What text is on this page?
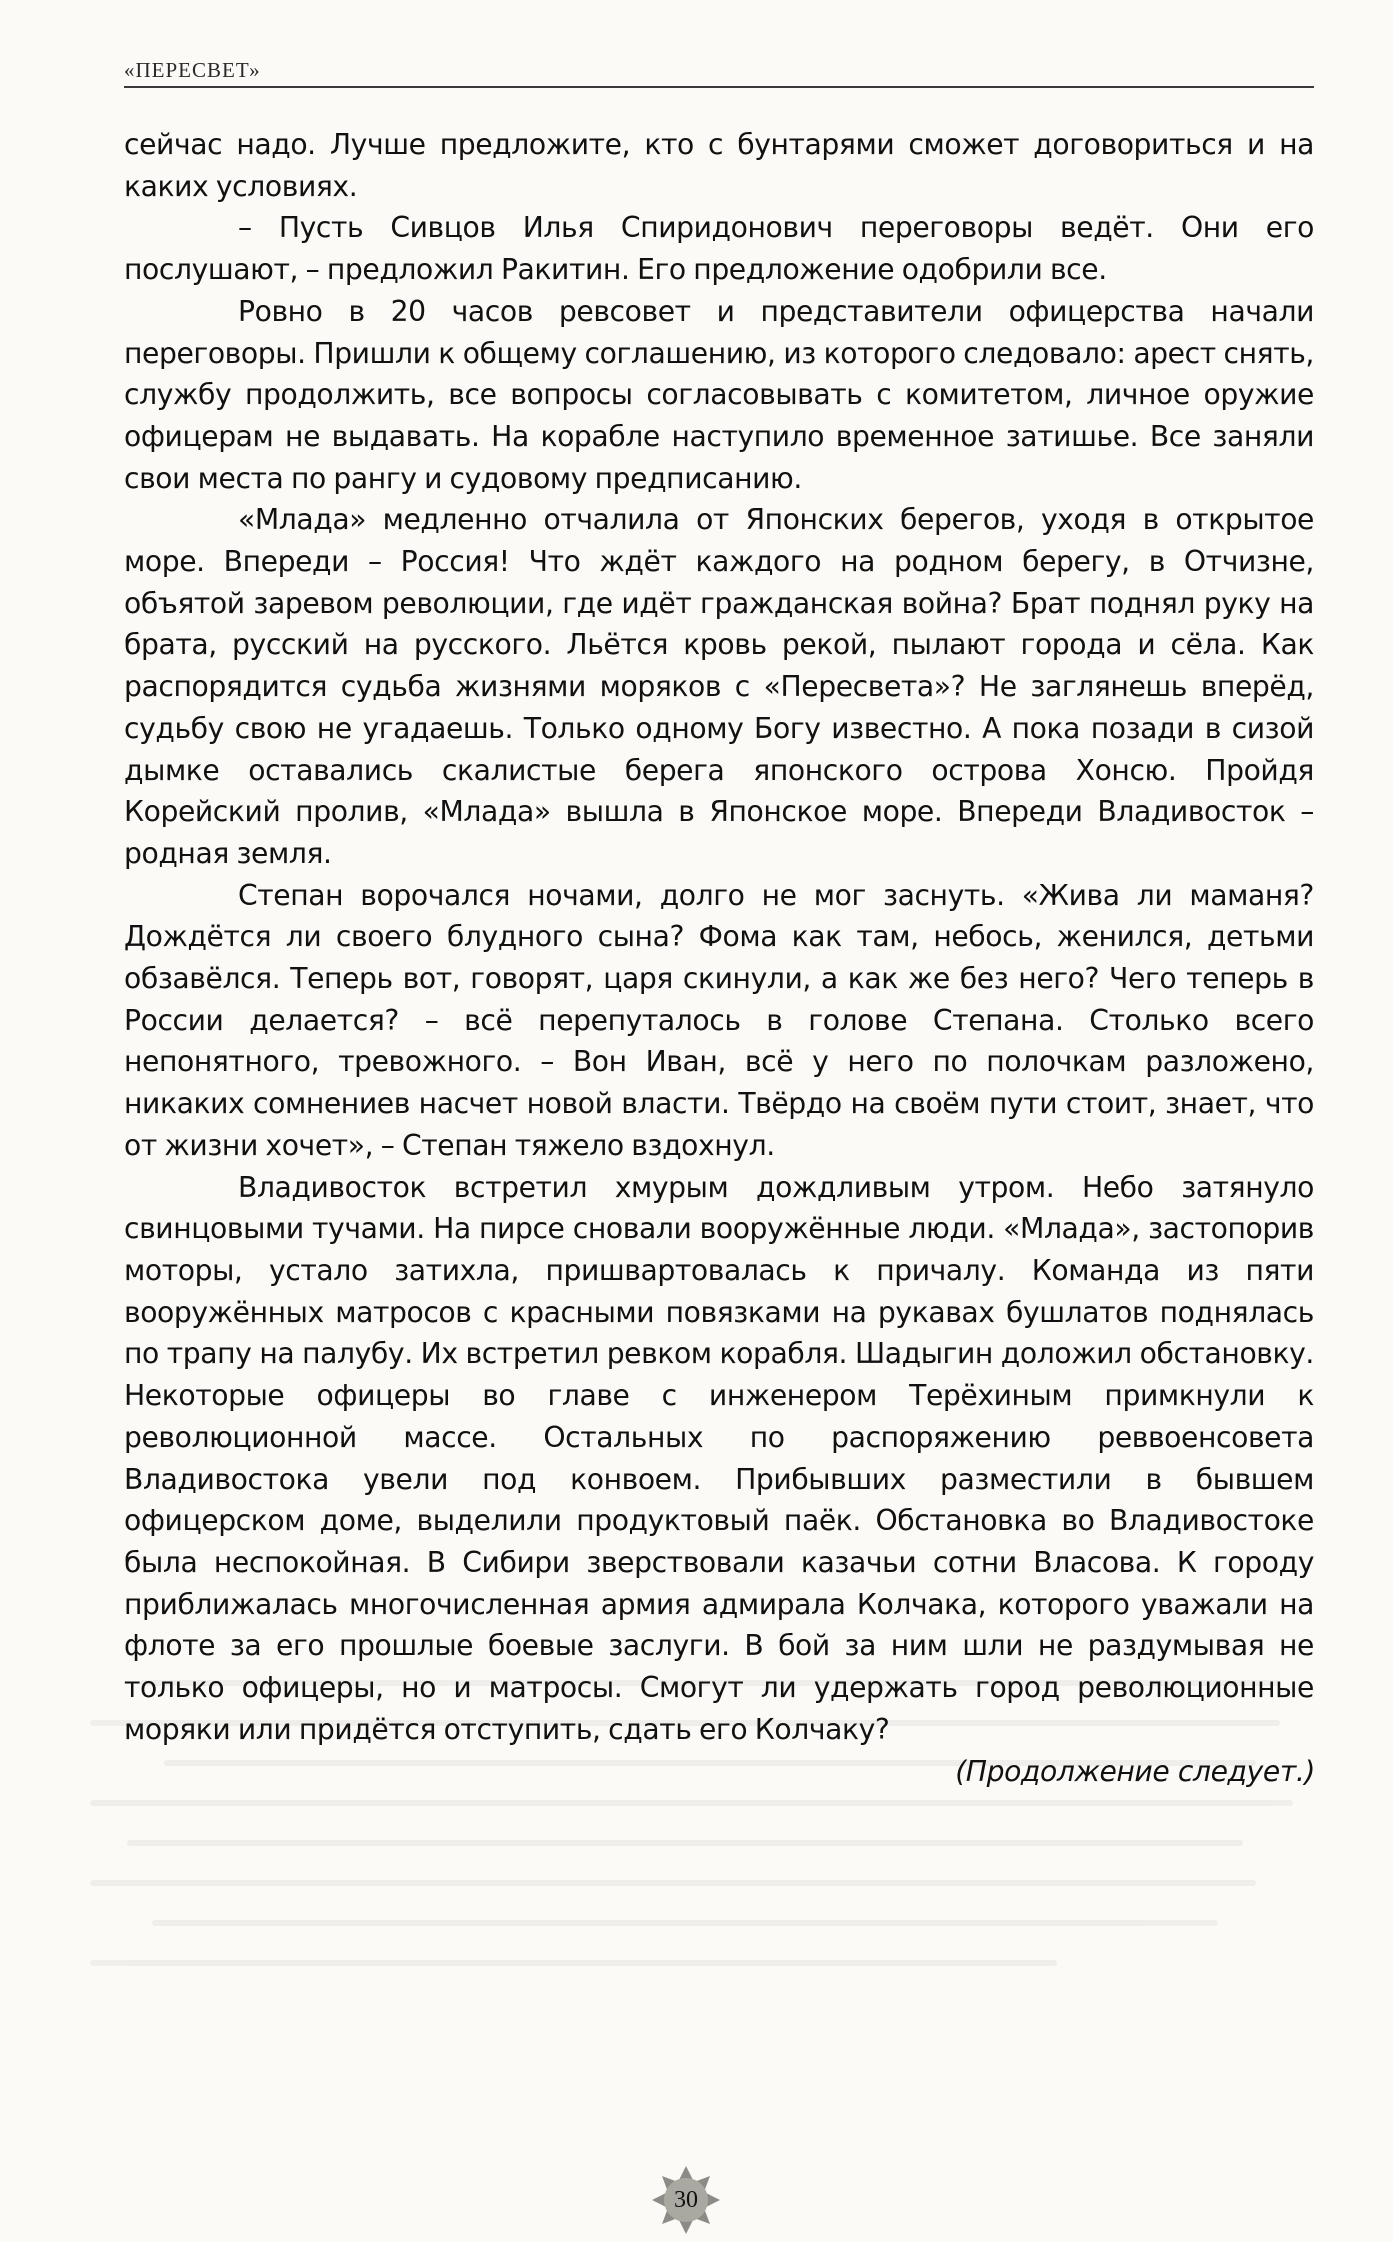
«ПЕРЕСВЕТ»

сейчас надо. Лучше предложите, кто с бунтарями сможет договориться и на каких условиях.

– Пусть Сивцов Илья Спиридонович переговоры ведёт. Они его послушают, – предложил Ракитин. Его предложение одобрили все.

Ровно в 20 часов ревсовет и представители офицерства начали переговоры. Пришли к общему соглашению, из которого следовало: арест снять, службу продолжить, все вопросы согласовывать с комитетом, личное оружие офицерам не выдавать. На корабле наступило временное затишье. Все заняли свои места по рангу и судовому предписанию.

«Млада» медленно отчалила от Японских берегов, уходя в открытое море. Впереди – Россия! Что ждёт каждого на родном берегу, в Отчизне, объятой заревом революции, где идёт гражданская война? Брат поднял руку на брата, русский на русского. Льётся кровь рекой, пылают города и сёла. Как распорядится судьба жизнями моряков с «Пересвета»? Не заглянешь вперёд, судьбу свою не угадаешь. Только одному Богу известно. А пока позади в сизой дымке оставались скалистые берега японского острова Хонсю. Пройдя Корейский пролив, «Млада» вышла в Японское море. Впереди Владивосток – родная земля.

Степан ворочался ночами, долго не мог заснуть. «Жива ли маманя? Дождётся ли своего блудного сына? Фома как там, небось, женился, детьми обзавёлся. Теперь вот, говорят, царя скинули, а как же без него? Чего теперь в России делается? – всё перепуталось в голове Степана. Столько всего непонятного, тревожного. – Вон Иван, всё у него по полочкам разложено, никаких сомнениев насчет новой власти. Твёрдо на своём пути стоит, знает, что от жизни хочет», – Степан тяжело вздохнул.

Владивосток встретил хмурым дождливым утром. Небо затянуло свинцовыми тучами. На пирсе сновали вооружённые люди. «Млада», застопорив моторы, устало затихла, пришвартовалась к причалу. Команда из пяти вооружённых матросов с красными повязками на рукавах бушлатов поднялась по трапу на палубу. Их встретил ревком корабля. Шадыгин доложил обстановку. Некоторые офицеры во главе с инженером Терёхиным примкнули к революционной массе. Остальных по распоряжению реввоенсовета Владивостока увели под конвоем. Прибывших разместили в бывшем офицерском доме, выделили продуктовый паёк. Обстановка во Владивостоке была неспокойная. В Сибири зверствовали казачьи сотни Власова. К городу приближалась многочисленная армия адмирала Колчака, которого уважали на флоте за его прошлые боевые заслуги. В бой за ним шли не раздумывая не только офицеры, но и матросы. Смогут ли удержать город революционные моряки или придётся отступить, сдать его Колчаку?

(Продолжение следует.)
30
